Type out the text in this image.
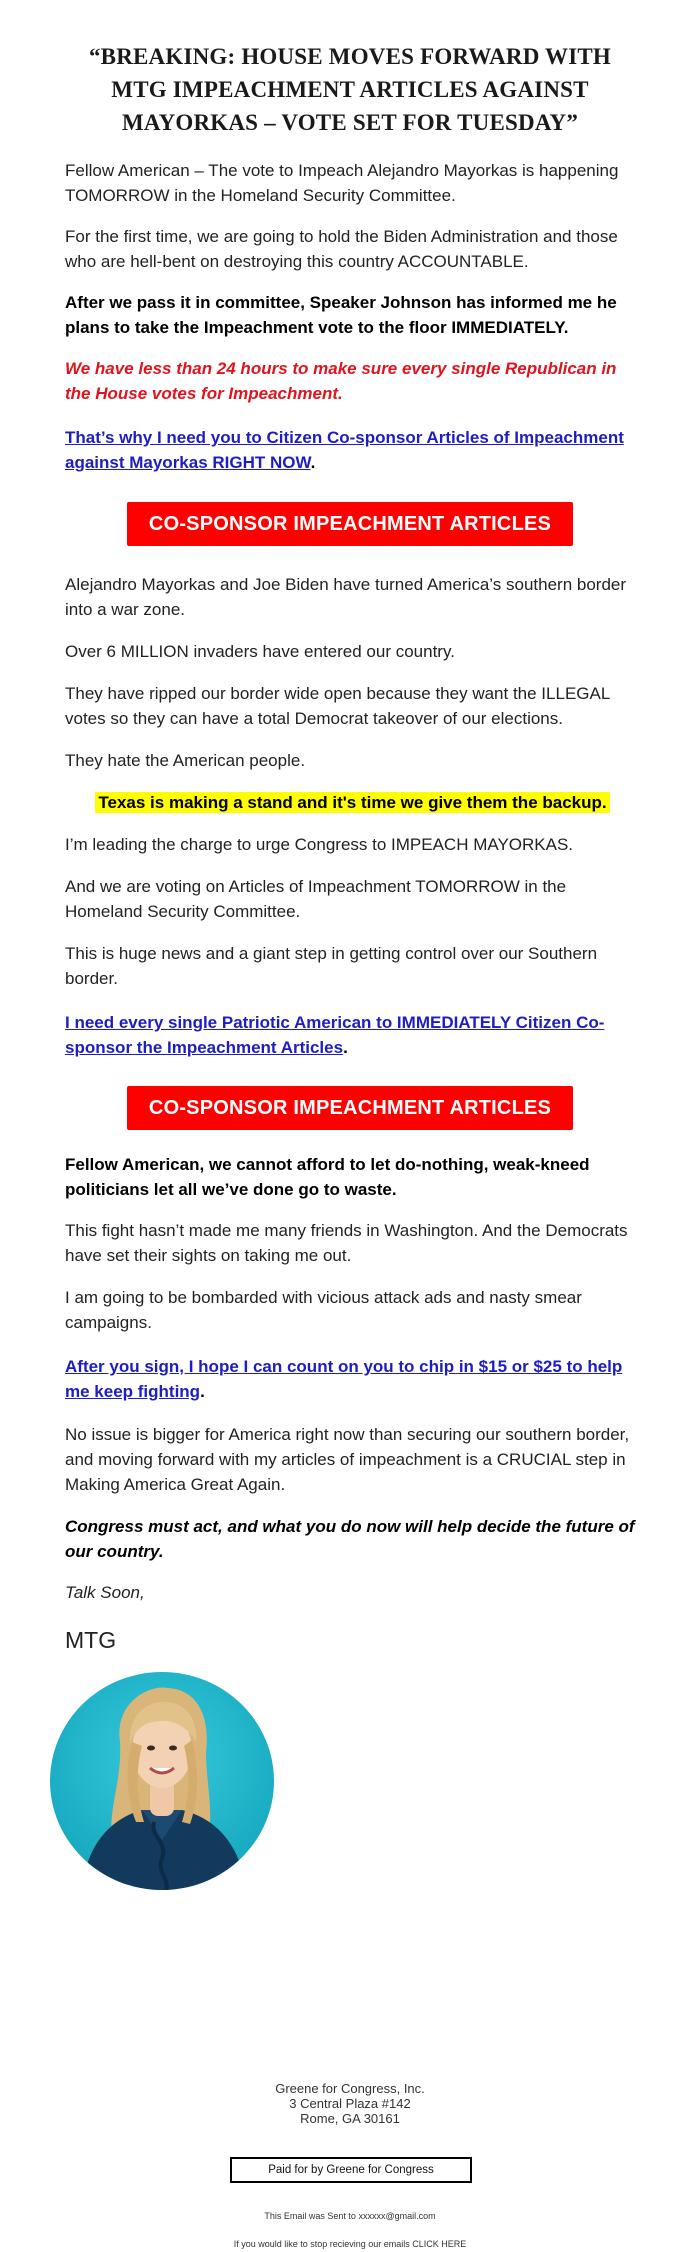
“BREAKING: HOUSE MOVES FORWARD WITH MTG IMPEACHMENT ARTICLES AGAINST MAYORKAS – VOTE SET FOR TUESDAY”

Fellow American – The vote to Impeach Alejandro Mayorkas is happening TOMORROW in the Homeland Security Committee.

For the first time, we are going to hold the Biden Administration and those who are hell-bent on destroying this country ACCOUNTABLE.

After we pass it in committee, Speaker Johnson has informed me he plans to take the Impeachment vote to the floor IMMEDIATELY.

We have less than 24 hours to make sure every single Republican in the House votes for Impeachment.

That’s why I need you to Citizen Co-sponsor Articles of Impeachment against Mayorkas RIGHT NOW.

CO-SPONSOR IMPEACHMENT ARTICLES

Alejandro Mayorkas and Joe Biden have turned America’s southern border into a war zone.

Over 6 MILLION invaders have entered our country.

They have ripped our border wide open because they want the ILLEGAL votes so they can have a total Democrat takeover of our elections.

They hate the American people.

Texas is making a stand and it's time we give them the backup.

I’m leading the charge to urge Congress to IMPEACH MAYORKAS.

And we are voting on Articles of Impeachment TOMORROW in the Homeland Security Committee.

This is huge news and a giant step in getting control over our Southern border.

I need every single Patriotic American to IMMEDIATELY Citizen Co-sponsor the Impeachment Articles.

CO-SPONSOR IMPEACHMENT ARTICLES

Fellow American, we cannot afford to let do-nothing, weak-kneed politicians let all we’ve done go to waste.

This fight hasn’t made me many friends in Washington. And the Democrats have set their sights on taking me out.

I am going to be bombarded with vicious attack ads and nasty smear campaigns.

After you sign, I hope I can count on you to chip in $15 or $25 to help me keep fighting.

No issue is bigger for America right now than securing our southern border, and moving forward with my articles of impeachment is a CRUCIAL step in Making America Great Again.

Congress must act, and what you do now will help decide the future of our country.

Talk Soon,

MTG

Greene for Congress, Inc.
3 Central Plaza #142
Rome, GA 30161

Paid for by Greene for Congress

This Email was Sent to xxxxxx@gmail.com

If you would like to stop recieving our emails CLICK HERE
